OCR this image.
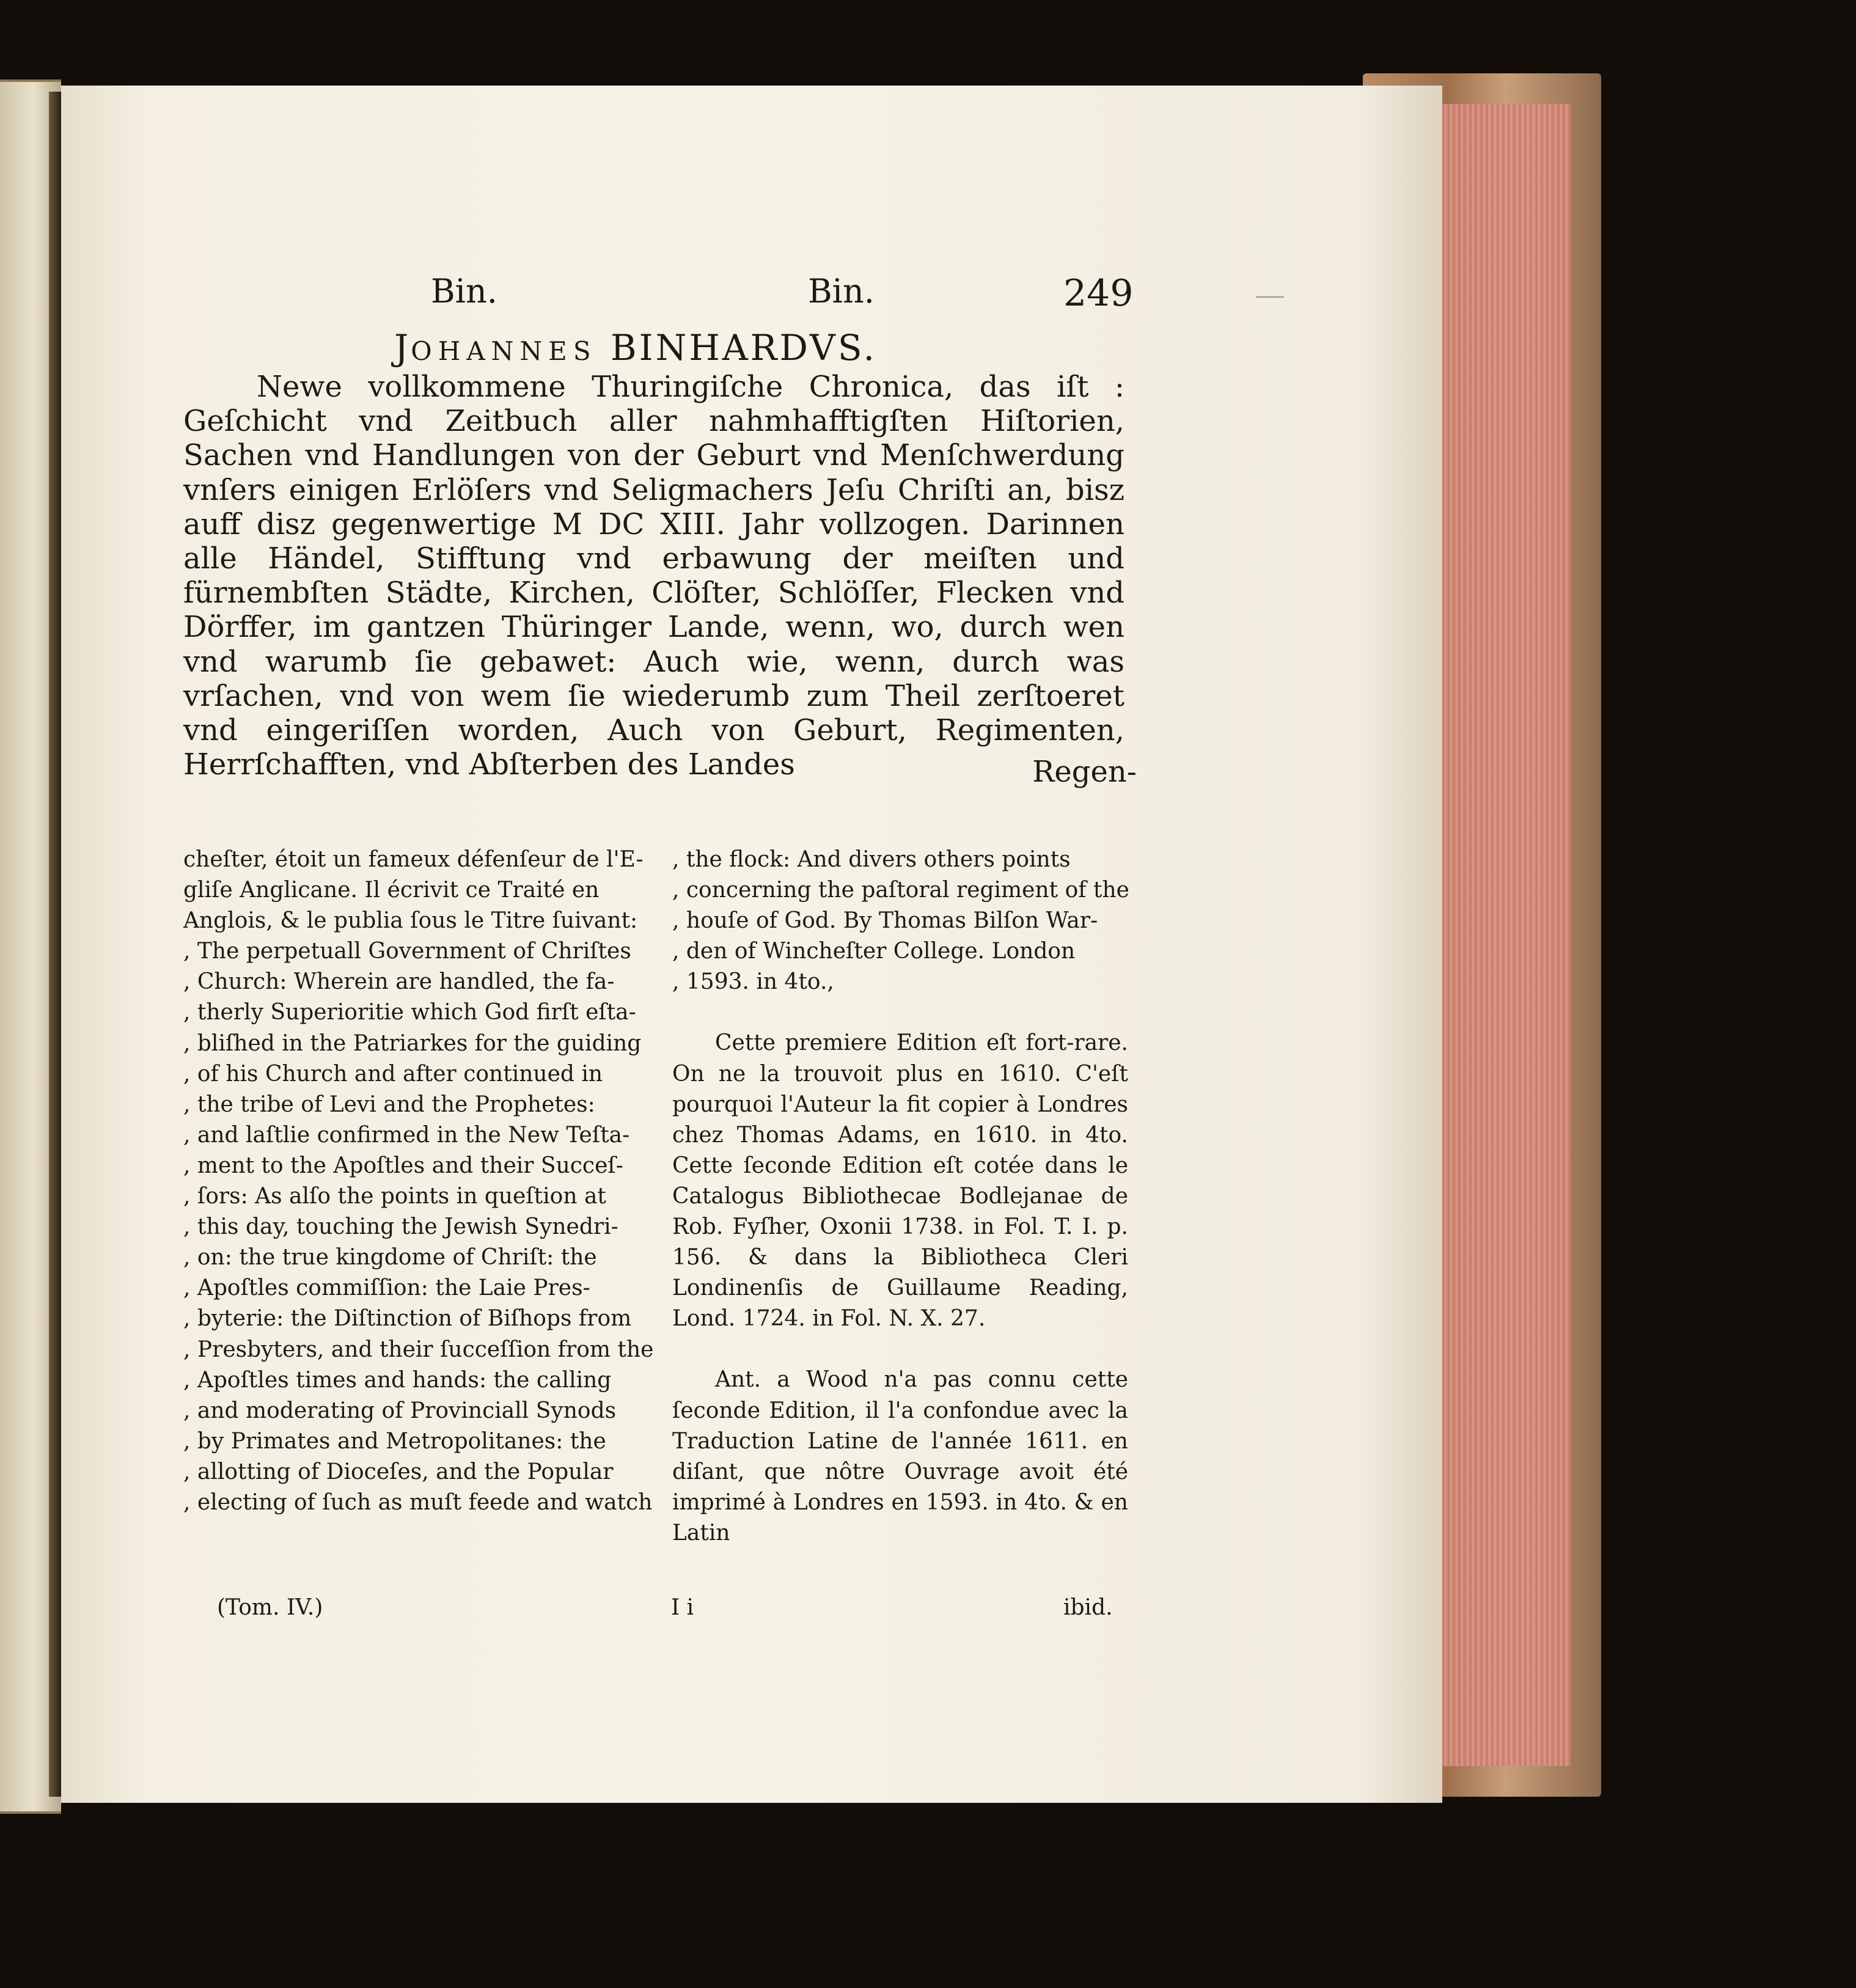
Bin.	Bin.	249
JOHANNES BINHARDVS.
Newe vollkommene Thuringiſche Chronica, das iſt : Geſchicht vnd Zeitbuch aller nahmhafftigſten Hiſtorien, Sachen vnd Handlungen von der Geburt vnd Menſchwerdung vnſers einigen Erlöſers vnd Seligmachers Jeſu Chriſti an, bisz auff disz gegenwertige M DC XIII. Jahr vollzogen. Darinnen alle Händel, Stifftung vnd erbawung der meiſten und fürnembſten Städte, Kirchen, Clöſter, Schlöſſer, Flecken vnd Dörffer, im gantzen Thüringer Lande, wenn, wo, durch wen vnd warumb ſie gebawet: Auch wie, wenn, durch was vrſachen, vnd von wem ſie wiederumb zum Theil zerſtoeret vnd eingeriſſen worden, Auch von Geburt, Regimenten, Herrſchafften, vnd Abſterben des Landes	Regen-
cheſter, étoit un fameux défenſeur de l'E-
gliſe Anglicane. Il écrivit ce Traité en
Anglois, & le publia ſous le Titre ſuivant:
, The perpetuall Government of Chriſtes
, Church: Wherein are handled, the fa-
, therly Superioritie which God firſt eſta-
, bliſhed in the Patriarkes for the guiding
, of his Church and after continued in
, the tribe of Levi and the Prophetes:
, and laſtlie confirmed in the New Teſta-
, ment to the Apoſtles and their Succeſ-
, ſors: As alſo the points in queſtion at
, this day, touching the Jewish Synedri-
, on: the true kingdome of Chriſt: the
, Apoſtles commiſſion: the Laie Pres-
, byterie: the Diſtinction of Biſhops from
, Presbyters, and their ſucceſſion from the
, Apoſtles times and hands: the calling
, and moderating of Provinciall Synods
, by Primates and Metropolitanes: the
, allotting of Dioceſes, and the Popular
, electing of ſuch as muſt feede and watch
, the flock: And divers others points
, concerning the paſtoral regiment of the
, houſe of God. By Thomas Bilſon War-
, den of Wincheſter College. London
, 1593. in 4to.,
Cette premiere Edition eſt fort-rare. On ne la trouvoit plus en 1610. C'eſt pourquoi l'Auteur la fit copier à Londres chez Thomas Adams, en 1610. in 4to. Cette ſeconde Edition eſt cotée dans le Catalogus Bibliothecae Bodlejanae de Rob. Fyſher, Oxonii 1738. in Fol. T. I. p. 156. & dans la Bibliotheca Cleri Londinenſis de Guillaume Reading, Lond. 1724. in Fol. N. X. 27.
Ant. a Wood n'a pas connu cette ſeconde Edition, il l'a confondue avec la Traduction Latine de l'année 1611. en diſant, que nôtre Ouvrage avoit été imprimé à Londres en 1593. in 4to. & en Latin
(Tom. IV.)	I i	ibid.
